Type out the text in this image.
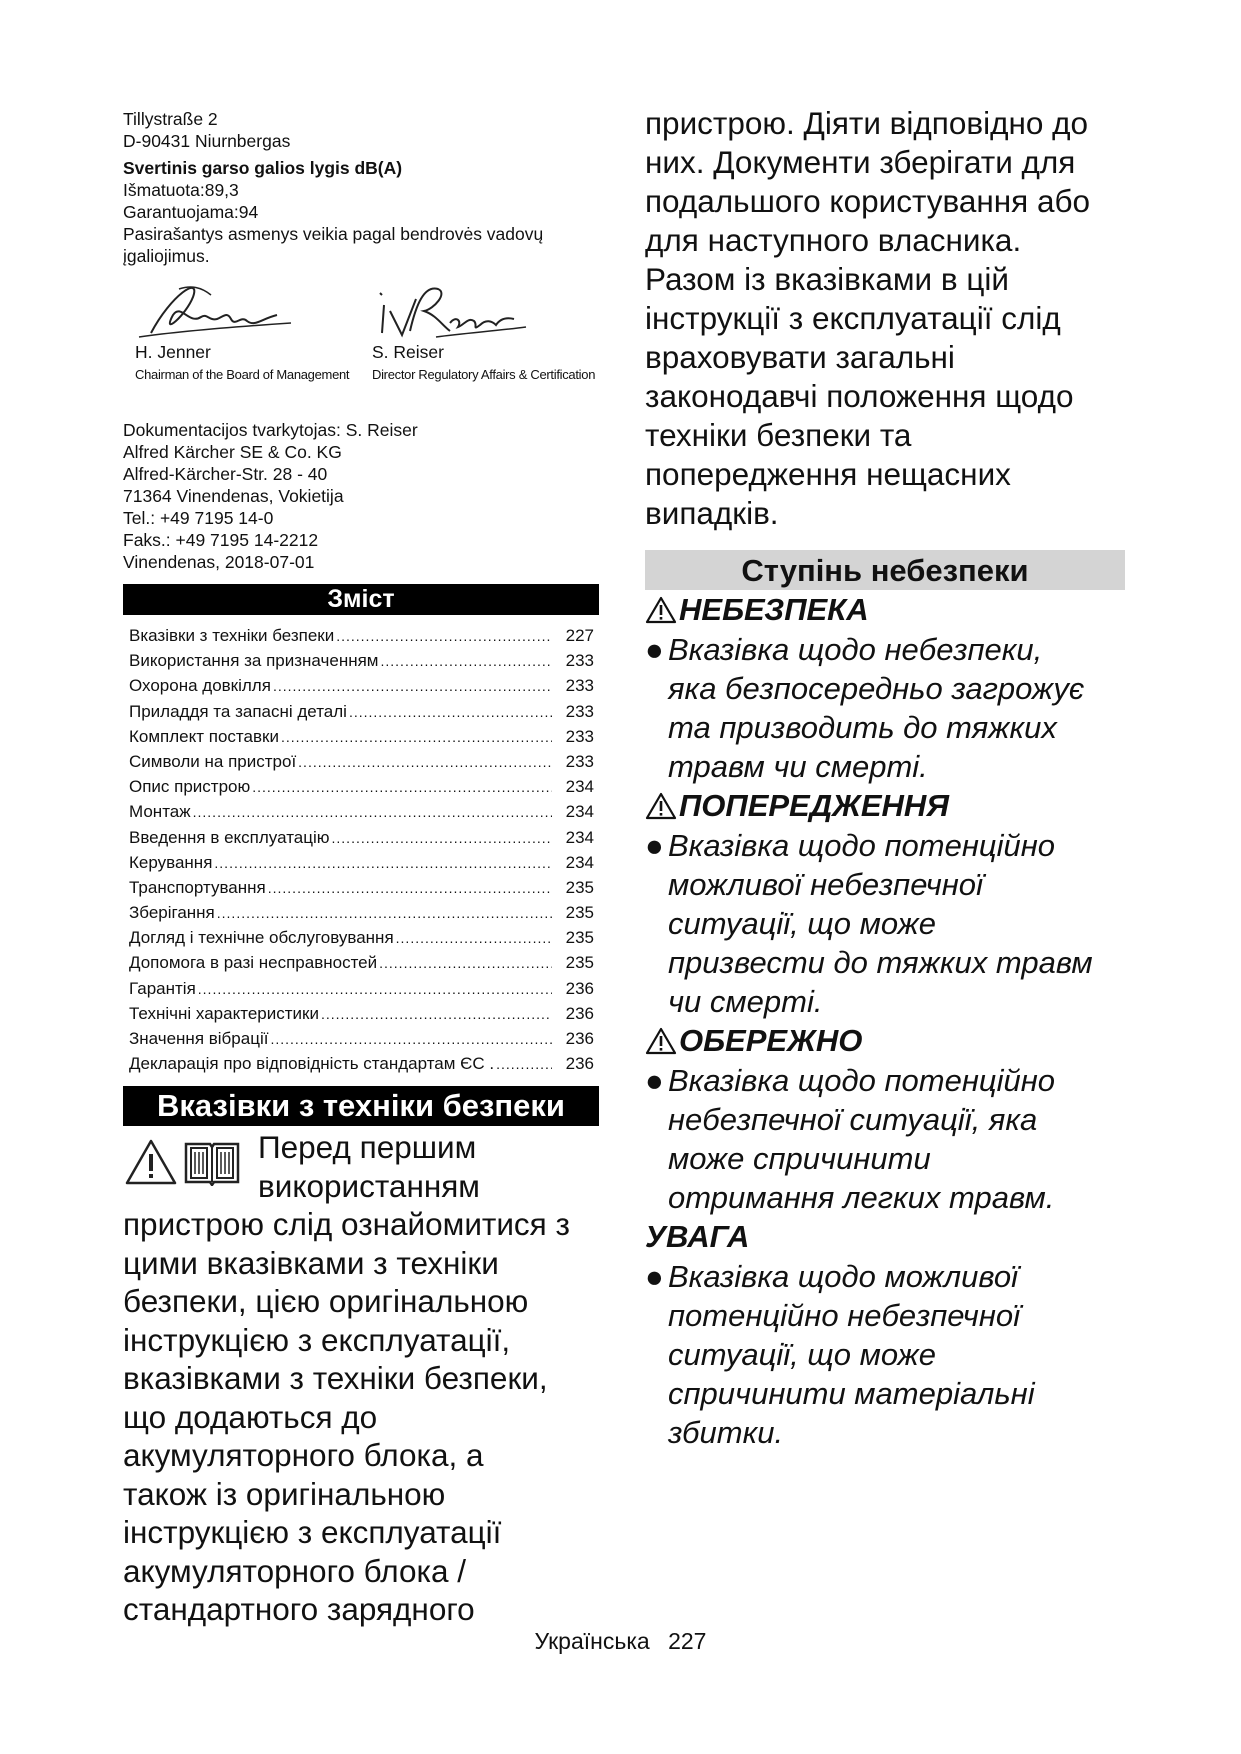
Tillystraße 2
D-90431 Niurnbergas
Svertinis garso galios lygis dB(A)
Išmatuota:89,3
Garantuojama:94
Pasirašantys asmenys veikia pagal bendrovės vadovų
įgaliojimus.
H. Jenner
Chairman of the Board of Management
S. Reiser
Director Regulatory Affairs & Certification
Dokumentacijos tvarkytojas: S. Reiser
Alfred Kärcher SE & Co. KG
Alfred-Kärcher-Str. 28 - 40
71364 Vinendenas, Vokietija
Tel.: +49 7195 14-0
Faks.: +49 7195 14-2212
Vinendenas, 2018-07-01
Зміст
Вказівки з техніки безпеки .....	227
Використання за призначенням .....	233
Охорона довкілля .....	233
Приладдя та запасні деталі .....	233
Комплект поставки .....	233
Символи на пристрої .....	233
Опис пристрою .....	234
Монтаж .....	234
Введення в експлуатацію .....	234
Керування .....	234
Транспортування .....	235
Зберігання .....	235
Догляд і технічне обслуговування .....	235
Допомога в разі несправностей .....	235
Гарантія .....	236
Технічні характеристики .....	236
Значення вібрації .....	236
Декларація про відповідність стандартам ЄС . .....	236
Вказівки з техніки безпеки
Перед першим
використанням
пристрою слід ознайомитися з
цими вказівками з техніки
безпеки, цією оригінальною
інструкцією з експлуатації,
вказівками з техніки безпеки,
що додаються до
акумуляторного блока, а
також із оригінальною
інструкцією з експлуатації
акумуляторного блока /
стандартного зарядного
пристрою. Діяти відповідно до
них. Документи зберігати для
подальшого користування або
для наступного власника.
Разом із вказівками в цій
інструкції з експлуатації слід
враховувати загальні
законодавчі положення щодо
техніки безпеки та
попередження нещасних
випадків.
Ступінь небезпеки
НЕБЕЗПЕКА
● Вказівка щодо небезпеки,
яка безпосередньо загрожує
та призводить до тяжких
травм чи смерті.
ПОПЕРЕДЖЕННЯ
● Вказівка щодо потенційно
можливої небезпечної
ситуації, що може
призвести до тяжких травм
чи смерті.
ОБЕРЕЖНО
● Вказівка щодо потенційно
небезпечної ситуації, яка
може спричинити
отримання легких травм.
УВАГА
● Вказівка щодо можливої
потенційно небезпечної
ситуації, що може
спричинити матеріальні
збитки.
Українська 227
